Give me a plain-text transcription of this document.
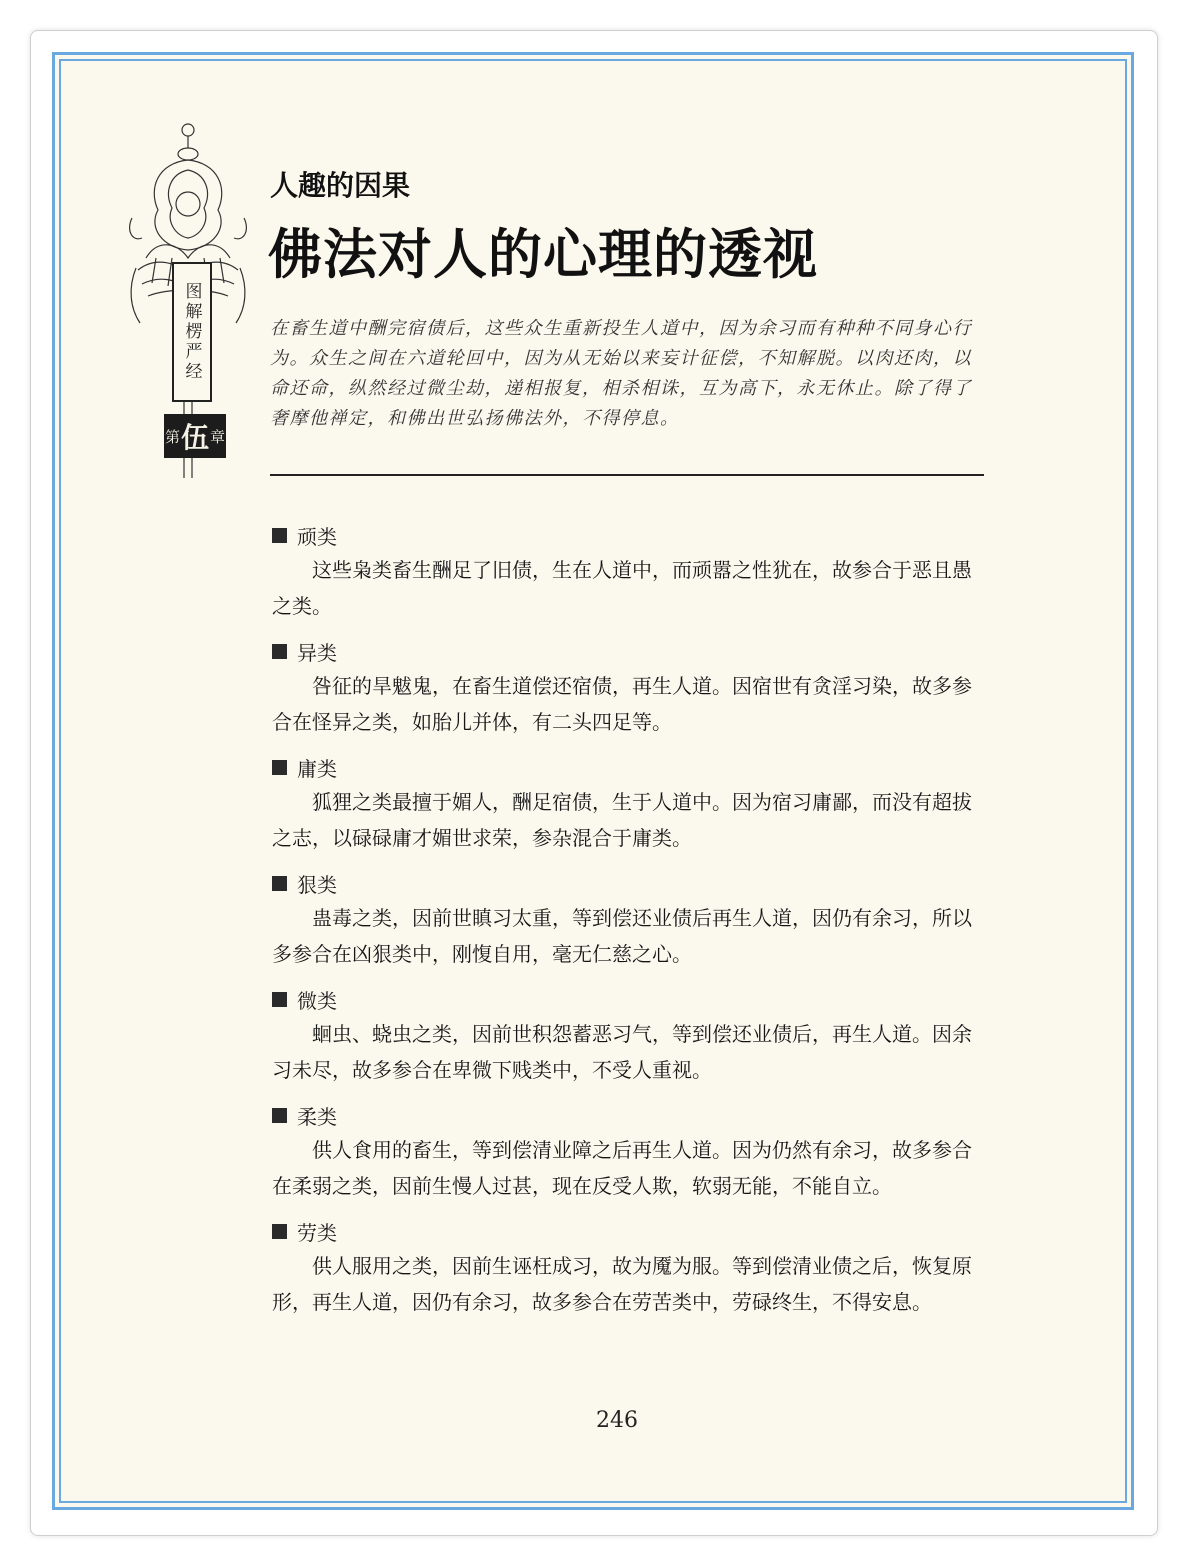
图解楞严经
第 伍 章
人趣的因果
佛法对人的心理的透视
在畜生道中酬完宿债后，这些众生重新投生人道中，因为余习而有种种不同身心行为。众生之间在六道轮回中，因为从无始以来妄计征偿，不知解脱。以肉还肉，以命还命，纵然经过微尘劫，递相报复，相杀相诛，互为高下，永无休止。除了得了奢摩他禅定，和佛出世弘扬佛法外，不得停息。
顽类
这些枭类畜生酬足了旧债，生在人道中，而顽嚣之性犹在，故参合于恶且愚之类。
异类
咎征的旱魃鬼，在畜生道偿还宿债，再生人道。因宿世有贪淫习染，故多参合在怪异之类，如胎儿并体，有二头四足等。
庸类
狐狸之类最擅于媚人，酬足宿债，生于人道中。因为宿习庸鄙，而没有超拔之志，以碌碌庸才媚世求荣，参杂混合于庸类。
狠类
蛊毒之类，因前世瞋习太重，等到偿还业债后再生人道，因仍有余习，所以多参合在凶狠类中，刚愎自用，毫无仁慈之心。
微类
蛔虫、蛲虫之类，因前世积怨蓄恶习气，等到偿还业债后，再生人道。因余习未尽，故多参合在卑微下贱类中，不受人重视。
柔类
供人食用的畜生，等到偿清业障之后再生人道。因为仍然有余习，故多参合在柔弱之类，因前生慢人过甚，现在反受人欺，软弱无能，不能自立。
劳类
供人服用之类，因前生诬枉成习，故为魇为服。等到偿清业债之后，恢复原形，再生人道，因仍有余习，故多参合在劳苦类中，劳碌终生，不得安息。
246
